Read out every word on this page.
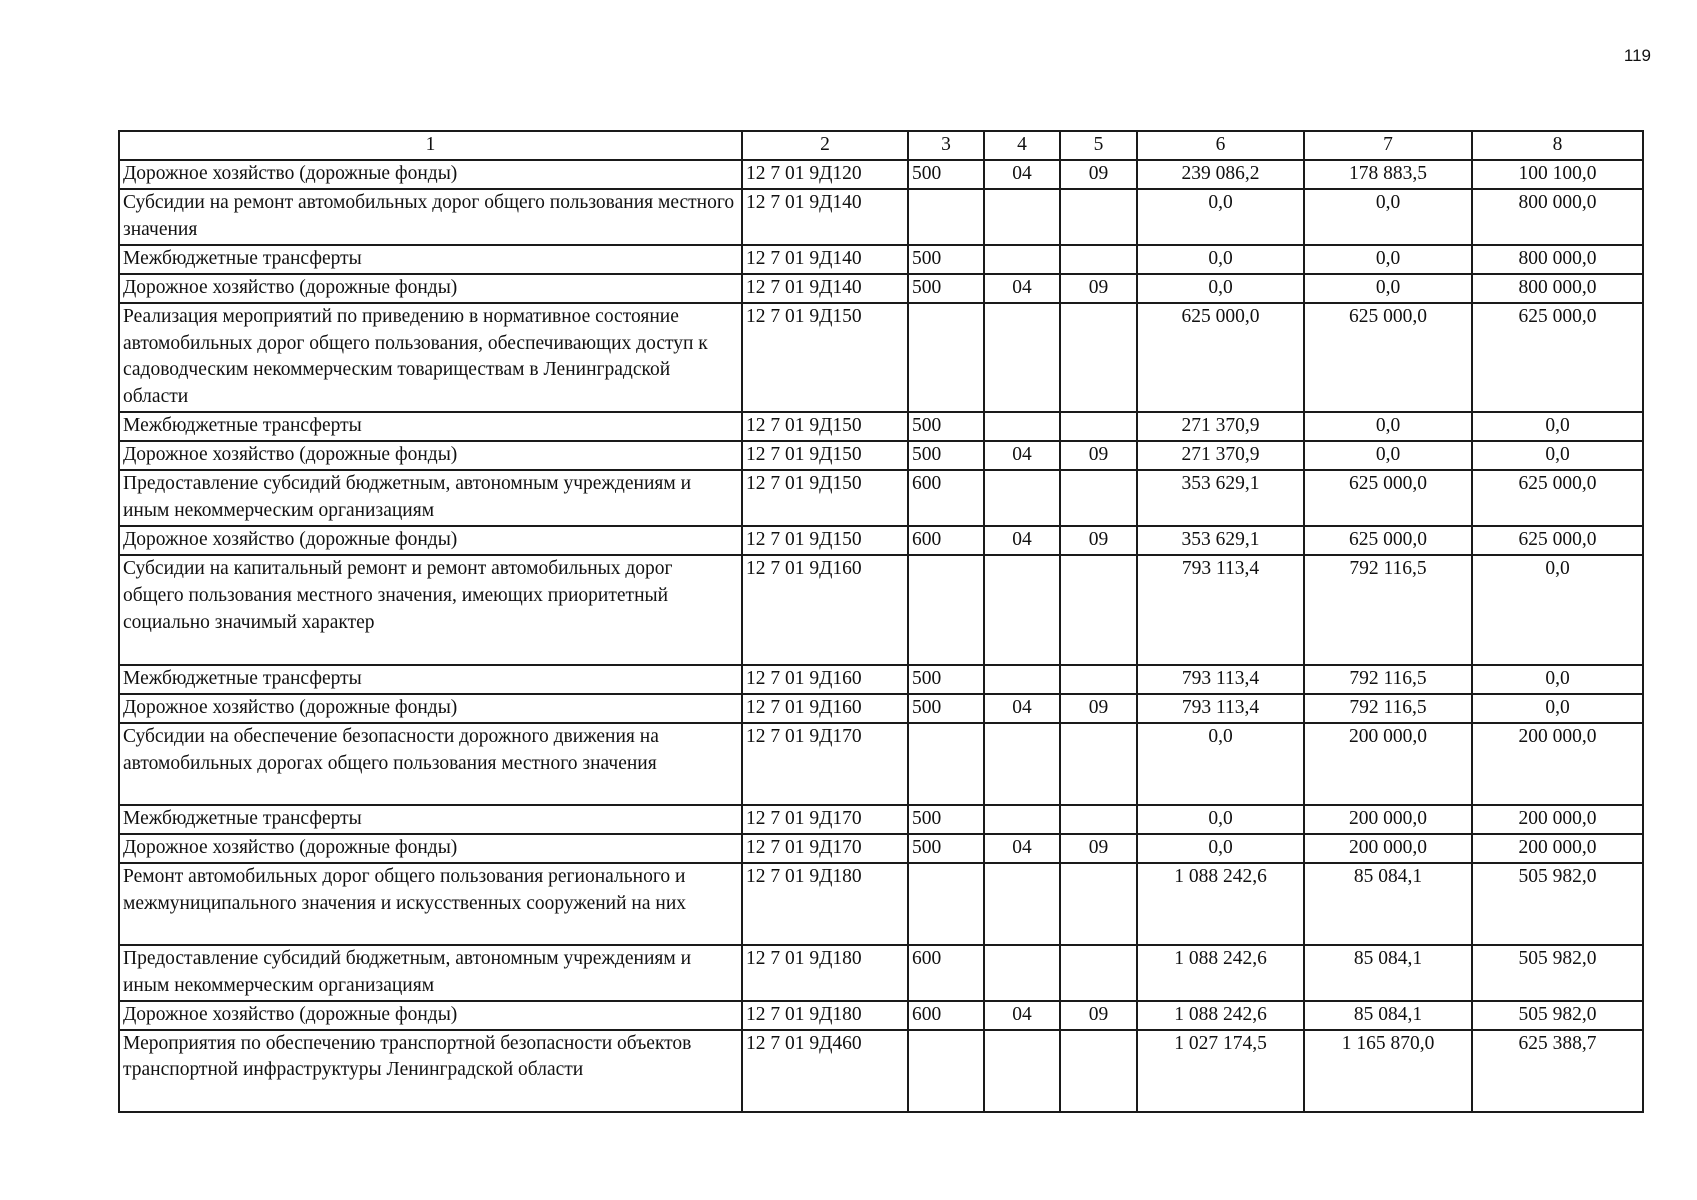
119
1	2	3	4	5	6	7	8
Дорожное хозяйство (дорожные фонды)	12 7 01 9Д120	500	04	09	239 086,2	178 883,5	100 100,0
Субсидии на ремонт автомобильных дорог общего пользования местного значения	12 7 01 9Д140				0,0	0,0	800 000,0
Межбюджетные трансферты	12 7 01 9Д140	500			0,0	0,0	800 000,0
Дорожное хозяйство (дорожные фонды)	12 7 01 9Д140	500	04	09	0,0	0,0	800 000,0
Реализация мероприятий по приведению в нормативное состояние автомобильных дорог общего пользования, обеспечивающих доступ к садоводческим некоммерческим товариществам в Ленинградской области	12 7 01 9Д150				625 000,0	625 000,0	625 000,0
Межбюджетные трансферты	12 7 01 9Д150	500			271 370,9	0,0	0,0
Дорожное хозяйство (дорожные фонды)	12 7 01 9Д150	500	04	09	271 370,9	0,0	0,0
Предоставление субсидий бюджетным, автономным учреждениям и иным некоммерческим организациям	12 7 01 9Д150	600			353 629,1	625 000,0	625 000,0
Дорожное хозяйство (дорожные фонды)	12 7 01 9Д150	600	04	09	353 629,1	625 000,0	625 000,0
Субсидии на капитальный ремонт и ремонт автомобильных дорог общего пользования местного значения, имеющих приоритетный социально значимый характер	12 7 01 9Д160				793 113,4	792 116,5	0,0
Межбюджетные трансферты	12 7 01 9Д160	500			793 113,4	792 116,5	0,0
Дорожное хозяйство (дорожные фонды)	12 7 01 9Д160	500	04	09	793 113,4	792 116,5	0,0
Субсидии на обеспечение безопасности дорожного движения на автомобильных дорогах общего пользования местного значения	12 7 01 9Д170				0,0	200 000,0	200 000,0
Межбюджетные трансферты	12 7 01 9Д170	500			0,0	200 000,0	200 000,0
Дорожное хозяйство (дорожные фонды)	12 7 01 9Д170	500	04	09	0,0	200 000,0	200 000,0
Ремонт автомобильных дорог общего пользования регионального и межмуниципального значения и искусственных сооружений на них	12 7 01 9Д180				1 088 242,6	85 084,1	505 982,0
Предоставление субсидий бюджетным, автономным учреждениям и иным некоммерческим организациям	12 7 01 9Д180	600			1 088 242,6	85 084,1	505 982,0
Дорожное хозяйство (дорожные фонды)	12 7 01 9Д180	600	04	09	1 088 242,6	85 084,1	505 982,0
Мероприятия по обеспечению транспортной безопасности объектов транспортной инфраструктуры Ленинградской области	12 7 01 9Д460				1 027 174,5	1 165 870,0	625 388,7
